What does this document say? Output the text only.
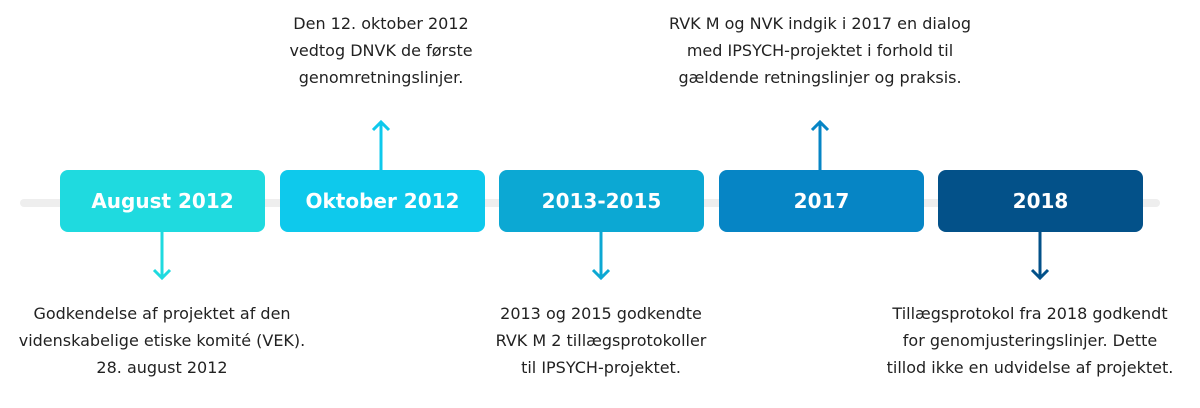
August 2012
Godkendelse af projektet af den
videnskabelige etiske komité (VEK).
28. august 2012
Oktober 2012
Den 12. oktober 2012
vedtog DNVK de første
genomretningslinjer.
2013-2015
2013 og 2015 godkendte
RVK M 2 tillægsprotokoller
til IPSYCH-projektet.
2017
RVK M og NVK indgik i 2017 en dialog
med IPSYCH-projektet i forhold til
gældende retningslinjer og praksis.
2018
Tillægsprotokol fra 2018 godkendt
for genomjusteringslinjer. Dette
tillod ikke en udvidelse af projektet.
